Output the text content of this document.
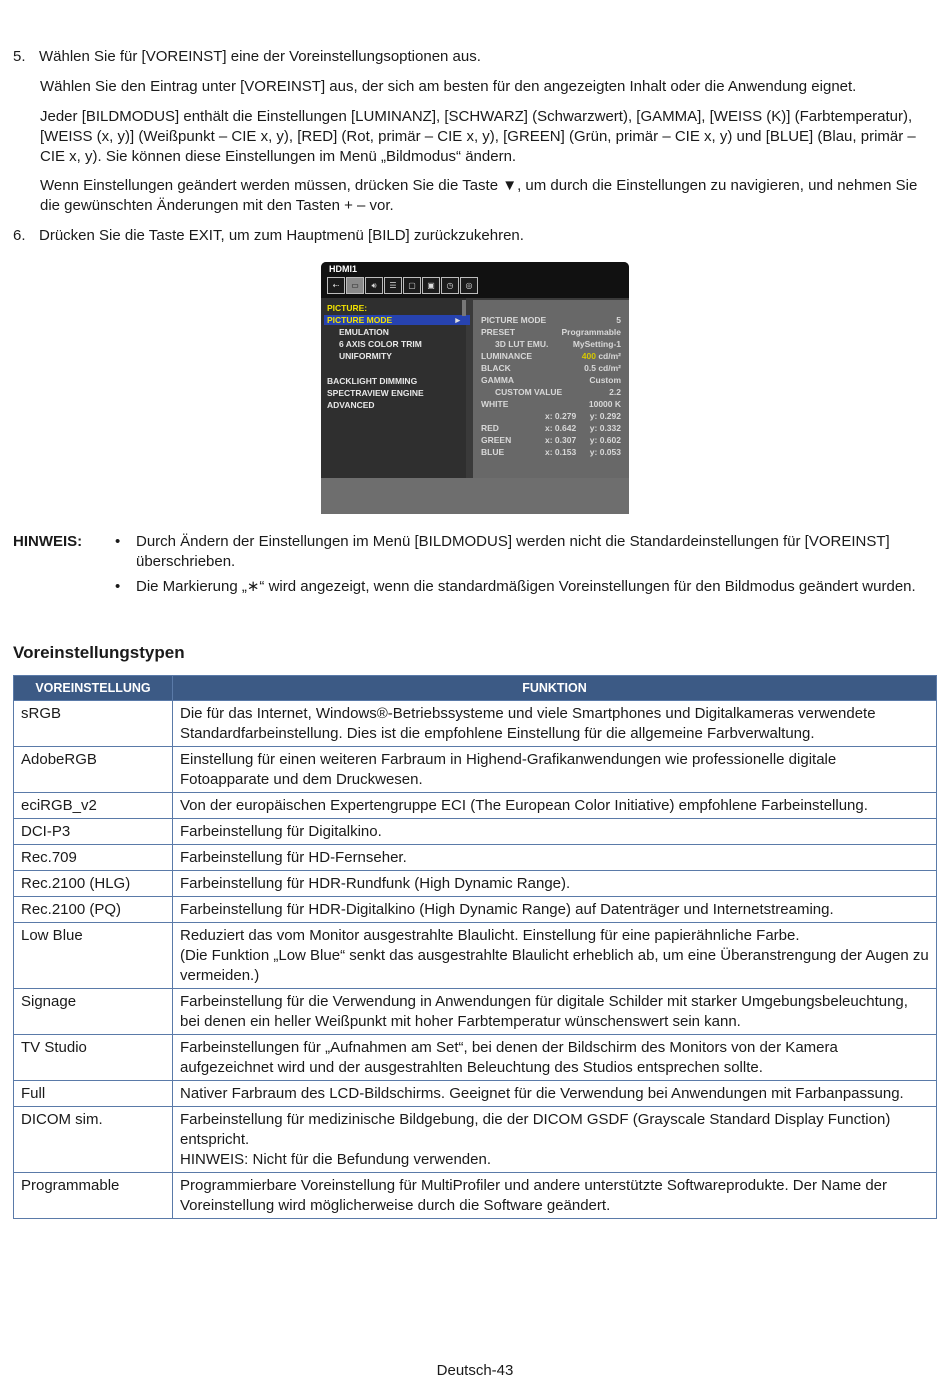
5. Wählen Sie für [VOREINST] eine der Voreinstellungsoptionen aus.
Wählen Sie den Eintrag unter [VOREINST] aus, der sich am besten für den angezeigten Inhalt oder die Anwendung eignet.
Jeder [BILDMODUS] enthält die Einstellungen [LUMINANZ], [SCHWARZ] (Schwarzwert), [GAMMA], [WEISS (K)] (Farbtemperatur), [WEISS (x, y)] (Weißpunkt – CIE x, y), [RED] (Rot, primär – CIE x, y), [GREEN] (Grün, primär – CIE x, y) und [BLUE] (Blau, primär – CIE x, y). Sie können diese Einstellungen im Menü „Bildmodus“ ändern.
Wenn Einstellungen geändert werden müssen, drücken Sie die Taste ▼, um durch die Einstellungen zu navigieren, und nehmen Sie die gewünschten Änderungen mit den Tasten + – vor.
6. Drücken Sie die Taste EXIT, um zum Hauptmenü [BILD] zurückzukehren.
HDMI1
⇠	▭	🔊︎	☰	▢	▣	◷	◎
PICTURE:
PICTURE MODE	►
EMULATION
6 AXIS COLOR TRIM
UNIFORMITY
BACKLIGHT DIMMING
SPECTRAVIEW ENGINE
ADVANCED
PICTURE MODE	5
PRESET	Programmable
3D LUT EMU.	MySetting-1
LUMINANCE	400 cd/m²
BLACK	0.5 cd/m²
GAMMA	Custom
CUSTOM VALUE	2.2
WHITE	10000 K
x: 0.279 y: 0.292
RED	x: 0.642 y: 0.332
GREEN	x: 0.307 y: 0.602
BLUE	x: 0.153 y: 0.053
HINWEIS: • Durch Ändern der Einstellungen im Menü [BILDMODUS] werden nicht die Standardeinstellungen für [VOREINST] überschrieben.
• Die Markierung „∗“ wird angezeigt, wenn die standardmäßigen Voreinstellungen für den Bildmodus geändert wurden.
Voreinstellungstypen
VOREINSTELLUNG	FUNKTION
sRGB	Die für das Internet, Windows®-Betriebssysteme und viele Smartphones und Digitalkameras verwendete Standardfarbeinstellung. Dies ist die empfohlene Einstellung für die allgemeine Farbverwaltung.
AdobeRGB	Einstellung für einen weiteren Farbraum in Highend-Grafikanwendungen wie professionelle digitale Fotoapparate und dem Druckwesen.
eciRGB_v2	Von der europäischen Expertengruppe ECI (The European Color Initiative) empfohlene Farbeinstellung.
DCI-P3	Farbeinstellung für Digitalkino.
Rec.709	Farbeinstellung für HD-Fernseher.
Rec.2100 (HLG)	Farbeinstellung für HDR-Rundfunk (High Dynamic Range).
Rec.2100 (PQ)	Farbeinstellung für HDR-Digitalkino (High Dynamic Range) auf Datenträger und Internetstreaming.
Low Blue	Reduziert das vom Monitor ausgestrahlte Blaulicht. Einstellung für eine papierähnliche Farbe.
(Die Funktion „Low Blue“ senkt das ausgestrahlte Blaulicht erheblich ab, um eine Überanstrengung der Augen zu vermeiden.)

Signage	Farbeinstellung für die Verwendung in Anwendungen für digitale Schilder mit starker Umgebungsbeleuchtung, bei denen ein heller Weißpunkt mit hoher Farbtemperatur wünschenswert sein kann.
TV Studio	Farbeinstellungen für „Aufnahmen am Set“, bei denen der Bildschirm des Monitors von der Kamera aufgezeichnet wird und der ausgestrahlten Beleuchtung des Studios entsprechen sollte.
Full	Nativer Farbraum des LCD-Bildschirms. Geeignet für die Verwendung bei Anwendungen mit Farbanpassung.
DICOM sim.	Farbeinstellung für medizinische Bildgebung, die der DICOM GSDF (Grayscale Standard Display Function) entspricht.
HINWEIS: Nicht für die Befundung verwenden.

Programmable	Programmierbare Voreinstellung für MultiProfiler und andere unterstützte Softwareprodukte. Der Name der Voreinstellung wird möglicherweise durch die Software geändert.
Deutsch-43
